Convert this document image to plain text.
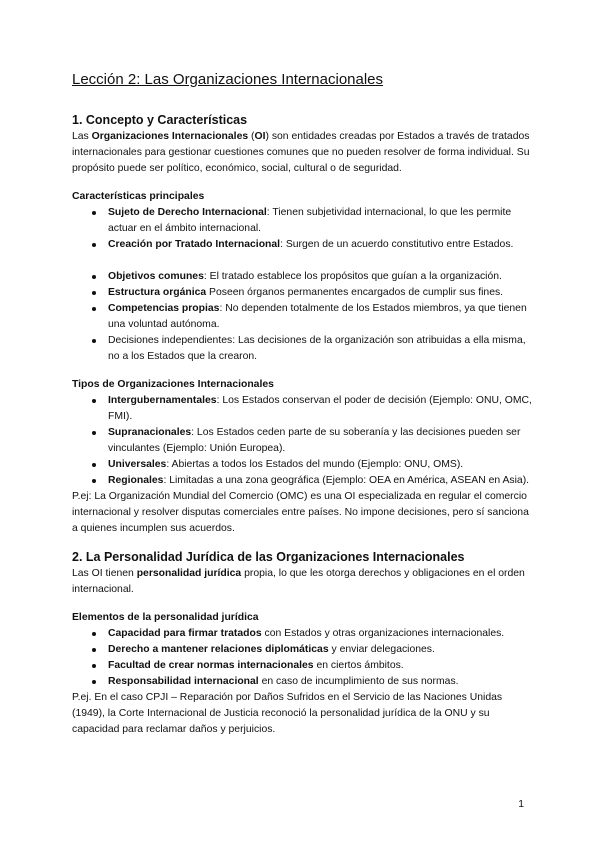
Lección 2: Las Organizaciones Internacionales
1. Concepto y Características

Las Organizaciones Internacionales (OI) son entidades creadas por Estados a través de tratados internacionales para gestionar cuestiones comunes que no pueden resolver de forma individual. Su propósito puede ser político, económico, social, cultural o de seguridad.

Características principales

Sujeto de Derecho Internacional: Tienen subjetividad internacional, lo que les permite actuar en el ámbito internacional.
Creación por Tratado Internacional: Surgen de un acuerdo constitutivo entre Estados.
Objetivos comunes: El tratado establece los propósitos que guían a la organización.
Estructura orgánica Poseen órganos permanentes encargados de cumplir sus fines.
Competencias propias: No dependen totalmente de los Estados miembros, ya que tienen una voluntad autónoma.
Decisiones independientes: Las decisiones de la organización son atribuidas a ella misma, no a los Estados que la crearon.

Tipos de Organizaciones Internacionales

Intergubernamentales: Los Estados conservan el poder de decisión (Ejemplo: ONU, OMC, FMI).
Supranacionales: Los Estados ceden parte de su soberanía y las decisiones pueden ser vinculantes (Ejemplo: Unión Europea).
Universales: Abiertas a todos los Estados del mundo (Ejemplo: ONU, OMS).
Regionales: Limitadas a una zona geográfica (Ejemplo: OEA en América, ASEAN en Asia).

P.ej: La Organización Mundial del Comercio (OMC) es una OI especializada en regular el comercio internacional y resolver disputas comerciales entre países. No impone decisiones, pero sí sanciona a quienes incumplen sus acuerdos.

2. La Personalidad Jurídica de las Organizaciones Internacionales

Las OI tienen personalidad jurídica propia, lo que les otorga derechos y obligaciones en el orden internacional.

Elementos de la personalidad jurídica

Capacidad para firmar tratados con Estados y otras organizaciones internacionales.
Derecho a mantener relaciones diplomáticas y enviar delegaciones.
Facultad de crear normas internacionales en ciertos ámbitos.
Responsabilidad internacional en caso de incumplimiento de sus normas.

P.ej. En el caso CPJI – Reparación por Daños Sufridos en el Servicio de las Naciones Unidas (1949), la Corte Internacional de Justicia reconoció la personalidad jurídica de la ONU y su capacidad para reclamar daños y perjuicios.

1
